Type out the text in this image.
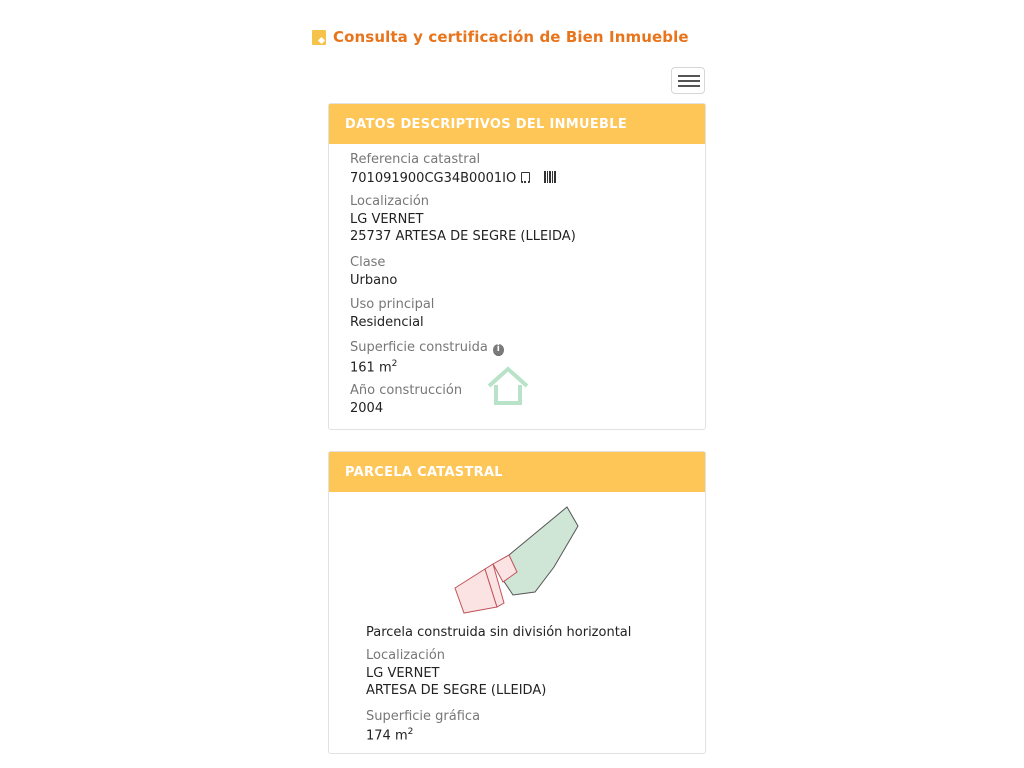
Consulta y certificación de Bien Inmueble
DATOS DESCRIPTIVOS DEL INMUEBLE
Referencia catastral
701091900CG34B0001IO
Localización
LG VERNET
25737 ARTESA DE SEGRE (LLEIDA)
Clase
Urbano
Uso principal
Residencial
Superficie construida i
161 $m^2$
Año construcción
2004
PARCELA CATASTRAL
Parcela construida sin división horizontal
Localización
LG VERNET
ARTESA DE SEGRE (LLEIDA)
Superficie gráfica
174 $m^2$
